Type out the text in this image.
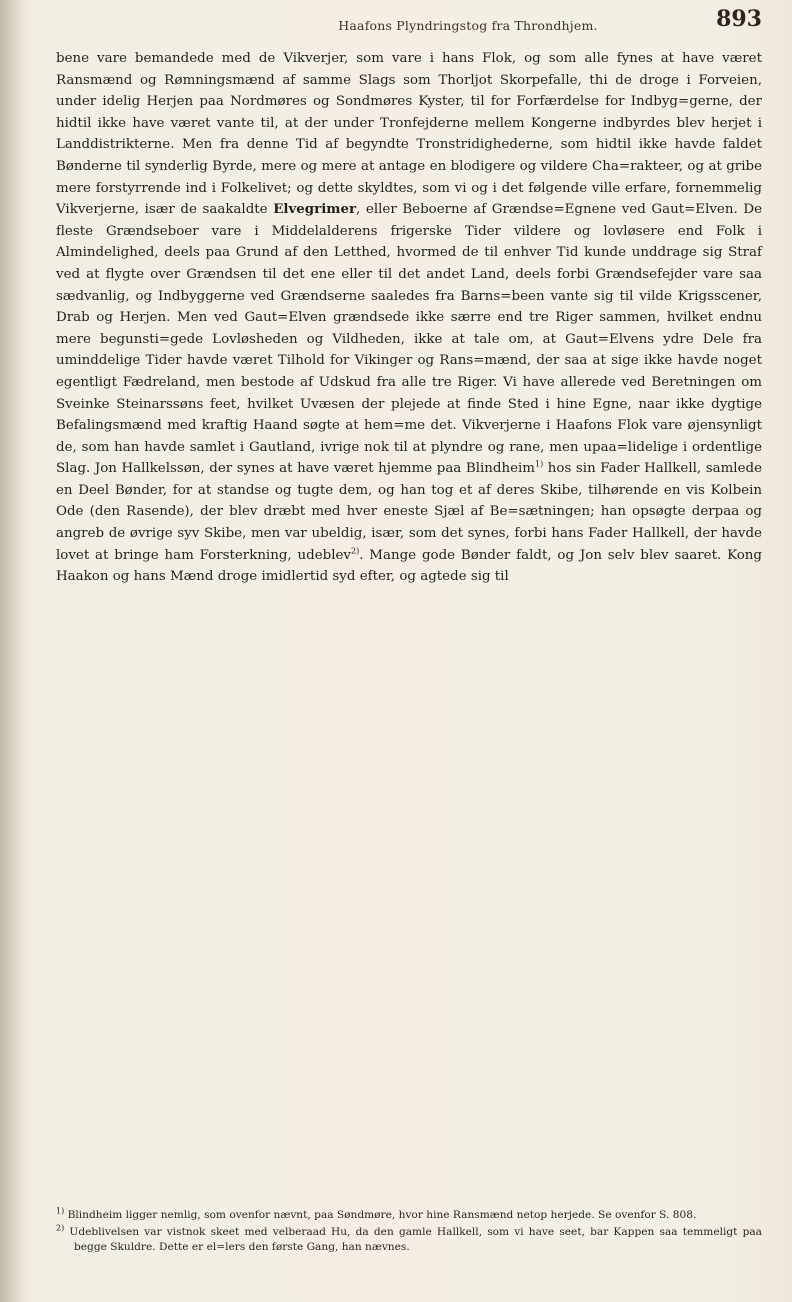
Haafons Plyndringstog fra Throndhjem.	893

bene vare bemandede med de Vikverjer, som vare i hans Flok, og som alle fynes at have været Ransmænd og Rømningsmænd af samme Slags som Thorljot Skorpefalle, thi de droge i Forveien, under idelig Herjen paa Nordmøres og Sondmøres Kyster, til for Forfærdelse for Indbyg=gerne, der hidtil ikke have været vante til, at der under Tronfejderne mellem Kongerne indbyrdes blev herjet i Landdistrikterne. Men fra denne Tid af begyndte Tronstridighederne, som hidtil ikke havde faldet Bønderne til synderlig Byrde, mere og mere at antage en blodigere og vildere Cha=rakteer, og at gribe mere forstyrrende ind i Folkelivet; og dette skyldtes, som vi og i det følgende ville erfare, fornemmelig Vikverjerne, især de saakaldte Elvegrimer, eller Beboerne af Grændse=Egnene ved Gaut=Elven. De fleste Grændseboer vare i Middelalderens frigerske Tider vildere og lovløsere end Folk i Almindelighed, deels paa Grund af den Letthed, hvormed de til enhver Tid kunde unddrage sig Straf ved at flygte over Grændsen til det ene eller til det andet Land, deels forbi Grændsefejder vare saa sædvanlig, og Indbyggerne ved Grændserne saaledes fra Barns=been vante sig til vilde Krigsscener, Drab og Herjen. Men ved Gaut=Elven grændsede ikke særre end tre Riger sammen, hvilket endnu mere begunsti=gede Lovløsheden og Vildheden, ikke at tale om, at Gaut=Elvens ydre Dele fra uminddelige Tider havde været Tilhold for Vikinger og Rans=mænd, der saa at sige ikke havde noget egentligt Fædreland, men bestode af Udskud fra alle tre Riger. Vi have allerede ved Beretningen om Sveinke Steinarssøns feet, hvilket Uvæsen der plejede at finde Sted i hine Egne, naar ikke dygtige Befalingsmænd med kraftig Haand søgte at hem=me det. Vikverjerne i Haafons Flok vare øjensynligt de, som han havde samlet i Gautland, ivrige nok til at plyndre og rane, men upaa=lidelige i ordentlige Slag. Jon Hallkelssøn, der synes at have været hjemme paa Blindheim$^{1)}$ hos sin Fader Hallkell, samlede en Deel Bønder, for at standse og tugte dem, og han tog et af deres Skibe, tilhørende en vis Kolbein Ode (den Rasende), der blev dræbt med hver eneste Sjæl af Be=sætningen; han opsøgte derpaa og angreb de øvrige syv Skibe, men var ubeldig, især, som det synes, forbi hans Fader Hallkell, der havde lovet at bringe ham Forsterkning, udeblev$^{2)}$. Mange gode Bønder faldt, og Jon selv blev saaret. Kong Haakon og hans Mænd droge imidlertid syd efter, og agtede sig til

$^{1)}$ Blindheim ligger nemlig, som ovenfor nævnt, paa Søndmøre, hvor hine Ransmænd netop herjede. Se ovenfor S. 808.

$^{2)}$ Udeblivelsen var vistnok skeet med velberaad Hu, da den gamle Hallkell, som vi have seet, bar Kappen saa temmeligt paa begge Skuldre. Dette er el=lers den første Gang, han nævnes.
